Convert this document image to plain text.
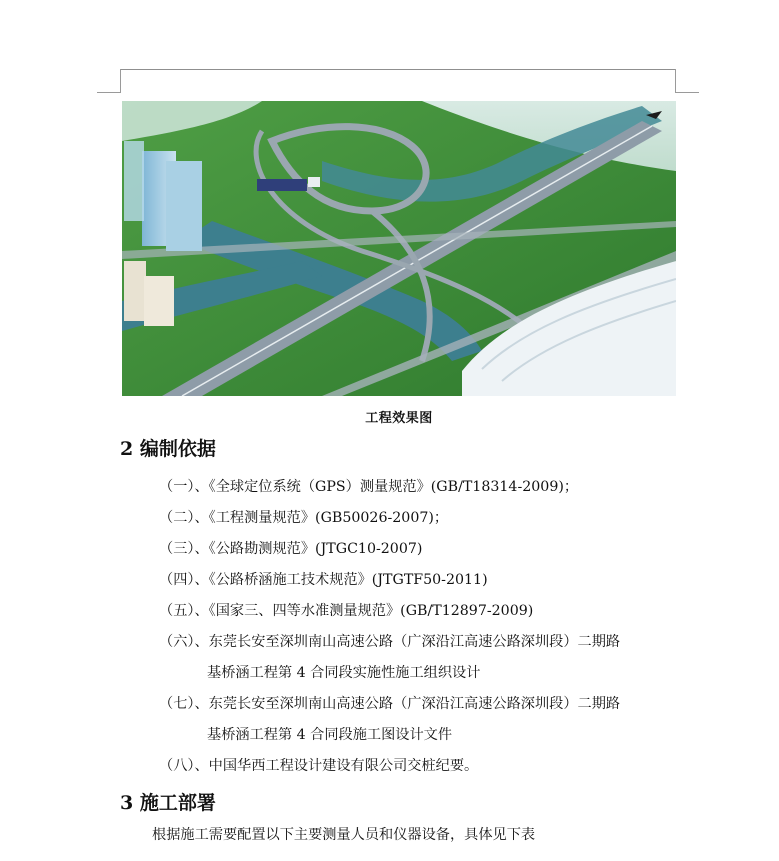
工程效果图
2 编制依据
（一）、《全球定位系统（GPS）测量规范》(GB/T18314-2009)；
（二）、《工程测量规范》(GB50026-2007)；
（三）、《公路勘测规范》(JTGC10-2007)
（四）、《公路桥涵施工技术规范》(JTGTF50-2011)
（五）、《国家三、四等水准测量规范》(GB/T12897-2009)
（六）、东莞长安至深圳南山高速公路（广深沿江高速公路深圳段）二期路
基桥涵工程第 4 合同段实施性施工组织设计
（七）、东莞长安至深圳南山高速公路（广深沿江高速公路深圳段）二期路
基桥涵工程第 4 合同段施工图设计文件
（八）、中国华西工程设计建设有限公司交桩纪要。
3 施工部署
根据施工需要配置以下主要测量人员和仪器设备，具体见下表
